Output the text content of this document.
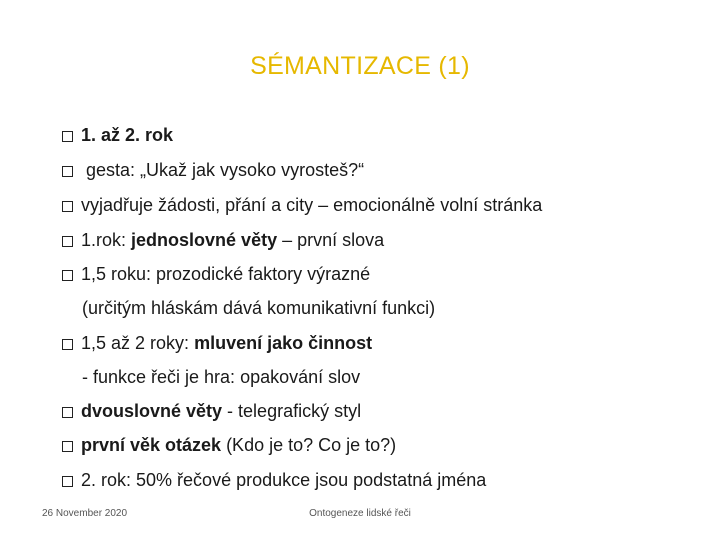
SÉMANTIZACE (1)
1. až 2. rok
gesta: „Ukaž jak vysoko vyrosteš?“
vyjadřuje žádosti, přání a city – emocionálně volní stránka
1.rok: jednoslovné věty – první slova
1,5 roku: prozodické faktory výrazné
(určitým hláskám dává komunikativní funkci)
1,5 až 2 roky: mluvení jako činnost
- funkce řeči je hra: opakování slov
dvouslovné věty - telegrafický styl
první věk otázek (Kdo je to? Co je to?)
2. rok: 50% řečové produkce jsou podstatná jména
26 November 2020	Ontogeneze lidské řeči
